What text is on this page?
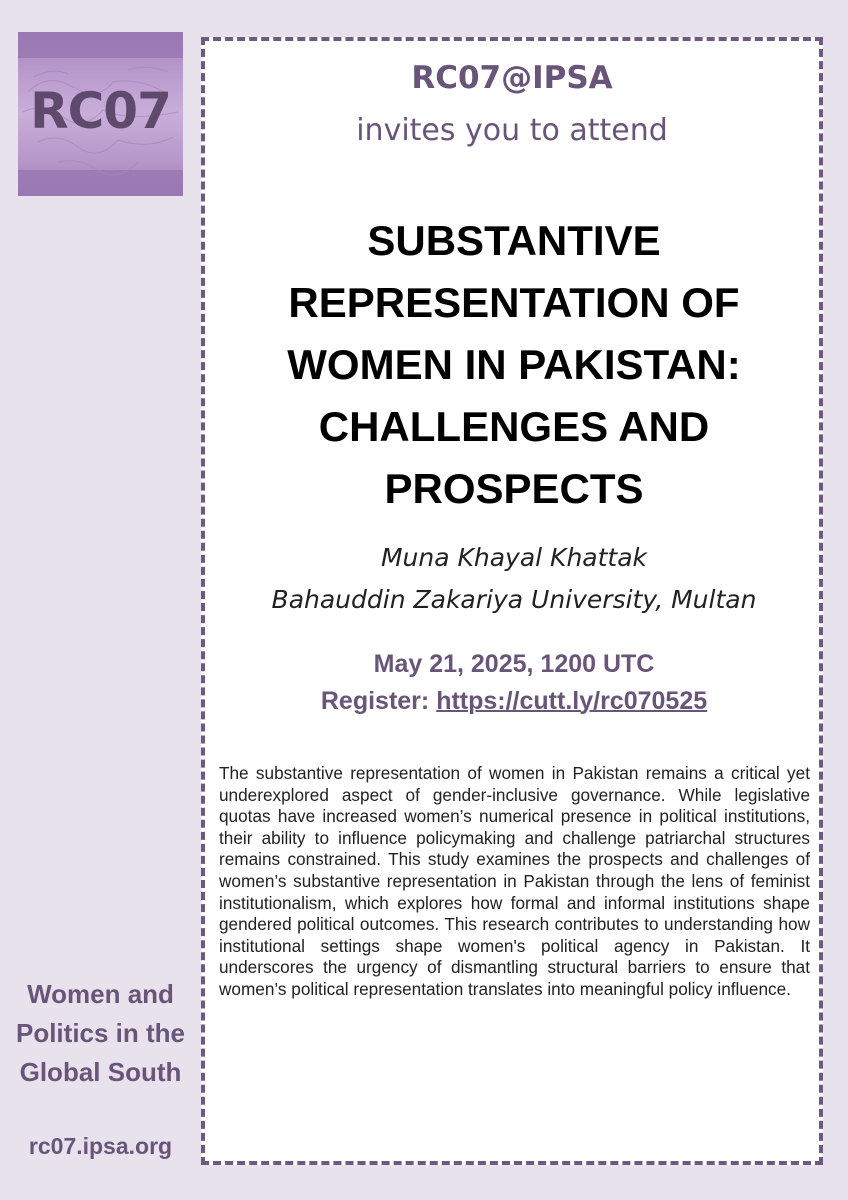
RC07
RC07@IPSA
invites you to attend
SUBSTANTIVE
REPRESENTATION OF
WOMEN IN PAKISTAN:
CHALLENGES AND
PROSPECTS
Muna Khayal Khattak
Bahauddin Zakariya University, Multan
May 21, 2025, 1200 UTC
Register: https://cutt.ly/rc070525

The substantive representation of women in Pakistan remains a critical yet underexplored aspect of gender-inclusive governance. While legislative quotas have increased women’s numerical presence in political institutions, their ability to influence policymaking and challenge patriarchal structures remains constrained. This study examines the prospects and challenges of women’s substantive representation in Pakistan through the lens of feminist institutionalism, which explores how formal and informal institutions shape gendered political outcomes. This research contributes to understanding how institutional settings shape women's political agency in Pakistan. It underscores the urgency of dismantling structural barriers to ensure that women’s political representation translates into meaningful policy influence.

Women and
Politics in the
Global South
rc07.ipsa.org
